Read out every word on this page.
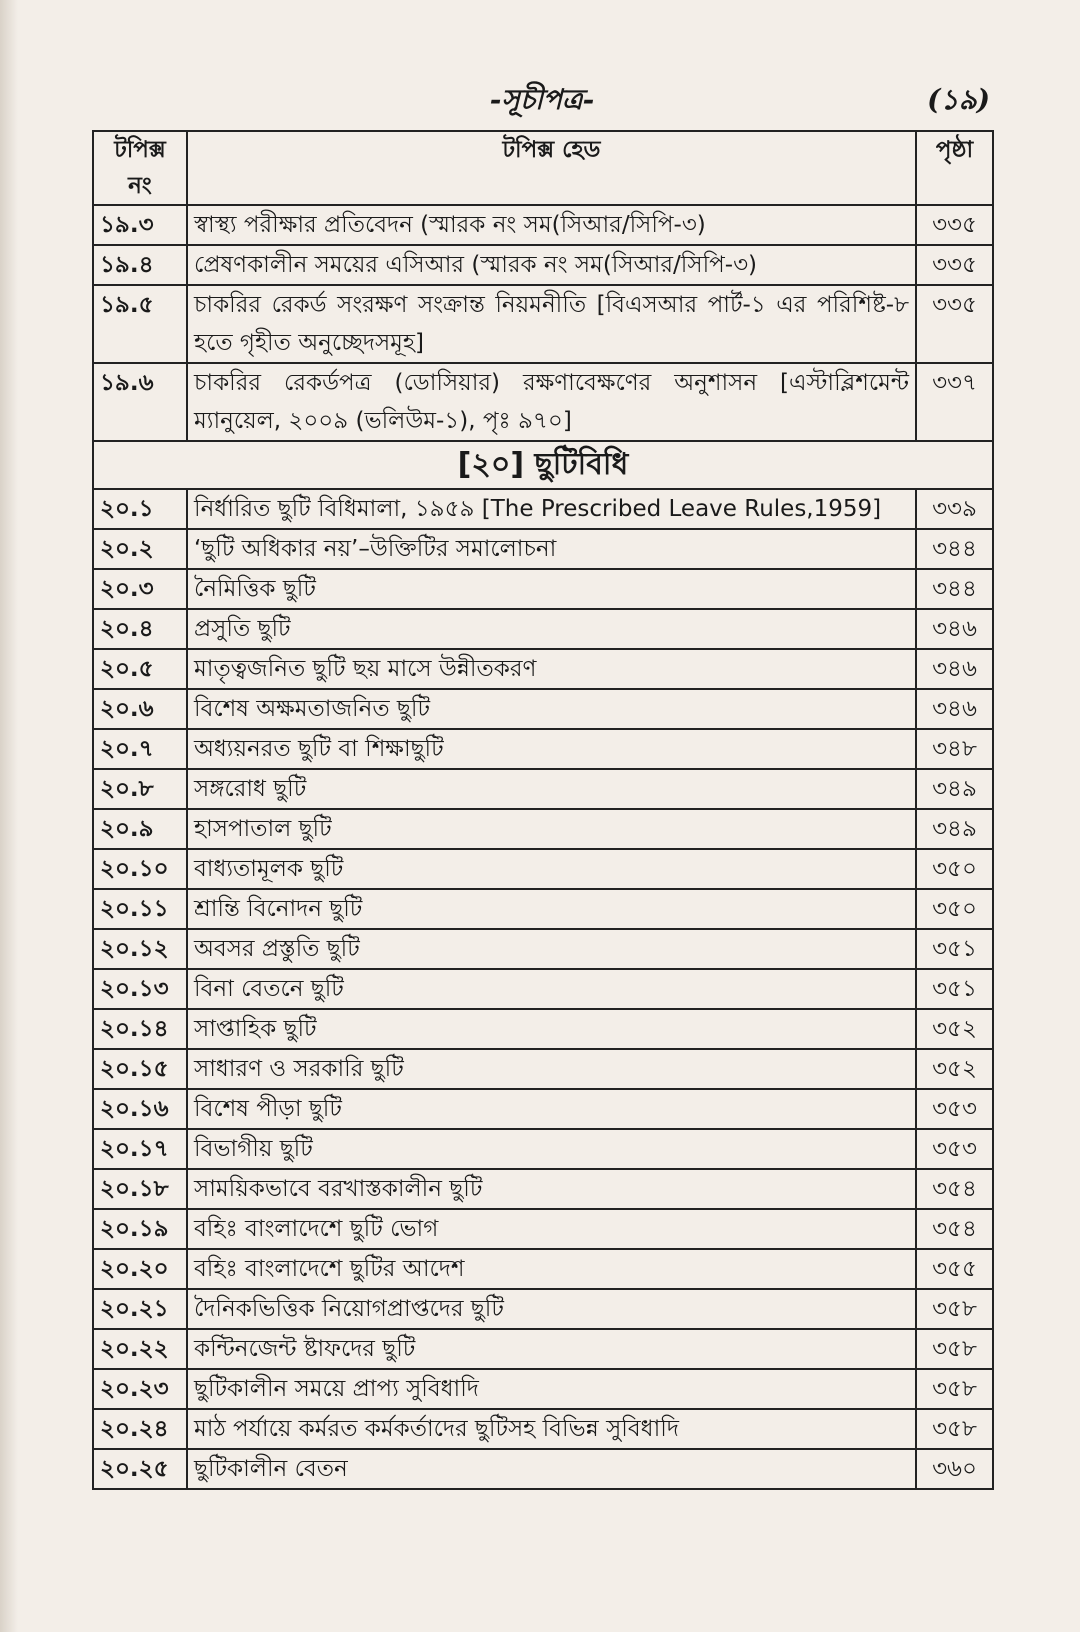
-সূচীপত্র-	(১৯)
টপিক্স নং	টপিক্স হেড	পৃষ্ঠা
১৯.৩	স্বাস্থ্য পরীক্ষার প্রতিবেদন (স্মারক নং সম(সিআর/সিপি-৩)	৩৩৫
১৯.৪	প্রেষণকালীন সময়ের এসিআর (স্মারক নং সম(সিআর/সিপি-৩)	৩৩৫
১৯.৫	চাকরির রেকর্ড সংরক্ষণ সংক্রান্ত নিয়মনীতি [বিএসআর পার্ট-১ এর পরিশিষ্ট-৮ হতে গৃহীত অনুচ্ছেদসমূহ]	৩৩৫
১৯.৬	চাকরির রেকর্ডপত্র (ডোসিয়ার) রক্ষণাবেক্ষণের অনুশাসন [এস্টাব্লিশমেন্ট ম্যানুয়েল, ২০০৯ (ভলিউম-১), পৃঃ ৯৭০]	৩৩৭
[২০] ছুটিবিধি		
২০.১	নির্ধারিত ছুটি বিধিমালা, ১৯৫৯ [The Prescribed Leave Rules,1959]	৩৩৯
২০.২	‘ছুটি অধিকার নয়’–উক্তিটির সমালোচনা	৩৪৪
২০.৩	নৈমিত্তিক ছুটি	৩৪৪
২০.৪	প্রসুতি ছুটি	৩৪৬
২০.৫	মাতৃত্বজনিত ছুটি ছয় মাসে উন্নীতকরণ	৩৪৬
২০.৬	বিশেষ অক্ষমতাজনিত ছুটি	৩৪৬
২০.৭	অধ্যয়নরত ছুটি বা শিক্ষাছুটি	৩৪৮
২০.৮	সঙ্গরোধ ছুটি	৩৪৯
২০.৯	হাসপাতাল ছুটি	৩৪৯
২০.১০	বাধ্যতামূলক ছুটি	৩৫০
২০.১১	শ্রান্তি বিনোদন ছুটি	৩৫০
২০.১২	অবসর প্রস্তুতি ছুটি	৩৫১
২০.১৩	বিনা বেতনে ছুটি	৩৫১
২০.১৪	সাপ্তাহিক ছুটি	৩৫২
২০.১৫	সাধারণ ও সরকারি ছুটি	৩৫২
২০.১৬	বিশেষ পীড়া ছুটি	৩৫৩
২০.১৭	বিভাগীয় ছুটি	৩৫৩
২০.১৮	সাময়িকভাবে বরখাস্তকালীন ছুটি	৩৫৪
২০.১৯	বহিঃ বাংলাদেশে ছুটি ভোগ	৩৫৪
২০.২০	বহিঃ বাংলাদেশে ছুটির আদেশ	৩৫৫
২০.২১	দৈনিকভিত্তিক নিয়োগপ্রাপ্তদের ছুটি	৩৫৮
২০.২২	কন্টিনজেন্ট ষ্টাফদের ছুটি	৩৫৮
২০.২৩	ছুটিকালীন সময়ে প্রাপ্য সুবিধাদি	৩৫৮
২০.২৪	মাঠ পর্যায়ে কর্মরত কর্মকর্তাদের ছুটিসহ বিভিন্ন সুবিধাদি	৩৫৮
২০.২৫	ছুটিকালীন বেতন	৩৬০
